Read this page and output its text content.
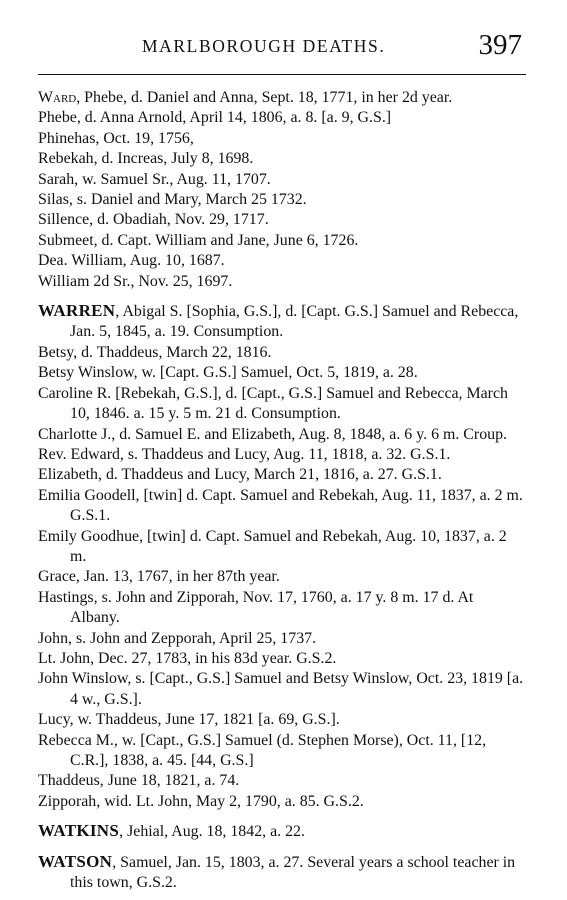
MARLBOROUGH DEATHS.	397
Ward, Phebe, d. Daniel and Anna, Sept. 18, 1771, in her 2d year.
Phebe, d. Anna Arnold, April 14, 1806, a. 8. [a. 9, G.S.]
Phinehas, Oct. 19, 1756,
Rebekah, d. Increas, July 8, 1698.
Sarah, w. Samuel Sr., Aug. 11, 1707.
Silas, s. Daniel and Mary, March 25 1732.
Sillence, d. Obadiah, Nov. 29, 1717.
Submeet, d. Capt. William and Jane, June 6, 1726.
Dea. William, Aug. 10, 1687.
William 2d Sr., Nov. 25, 1697.
WARREN, Abigal S. [Sophia, G.S.], d. [Capt. G.S.] Samuel and Rebecca, Jan. 5, 1845, a. 19. Consumption.
Betsy, d. Thaddeus, March 22, 1816.
Betsy Winslow, w. [Capt. G.S.] Samuel, Oct. 5, 1819, a. 28.
Caroline R. [Rebekah, G.S.], d. [Capt., G.S.] Samuel and Rebecca, March 10, 1846. a. 15 y. 5 m. 21 d. Consumption.
Charlotte J., d. Samuel E. and Elizabeth, Aug. 8, 1848, a. 6 y. 6 m. Croup.
Rev. Edward, s. Thaddeus and Lucy, Aug. 11, 1818, a. 32. G.S.1.
Elizabeth, d. Thaddeus and Lucy, March 21, 1816, a. 27. G.S.1.
Emilia Goodell, [twin] d. Capt. Samuel and Rebekah, Aug. 11, 1837, a. 2 m. G.S.1.
Emily Goodhue, [twin] d. Capt. Samuel and Rebekah, Aug. 10, 1837, a. 2 m.
Grace, Jan. 13, 1767, in her 87th year.
Hastings, s. John and Zipporah, Nov. 17, 1760, a. 17 y. 8 m. 17 d. At Albany.
John, s. John and Zepporah, April 25, 1737.
Lt. John, Dec. 27, 1783, in his 83d year. G.S.2.
John Winslow, s. [Capt., G.S.] Samuel and Betsy Winslow, Oct. 23, 1819 [a. 4 w., G.S.].
Lucy, w. Thaddeus, June 17, 1821 [a. 69, G.S.].
Rebecca M., w. [Capt., G.S.] Samuel (d. Stephen Morse), Oct. 11, [12, C.R.], 1838, a. 45. [44, G.S.]
Thaddeus, June 18, 1821, a. 74.
Zipporah, wid. Lt. John, May 2, 1790, a. 85. G.S.2.
WATKINS, Jehial, Aug. 18, 1842, a. 22.
WATSON, Samuel, Jan. 15, 1803, a. 27. Several years a school teacher in this town, G.S.2.
